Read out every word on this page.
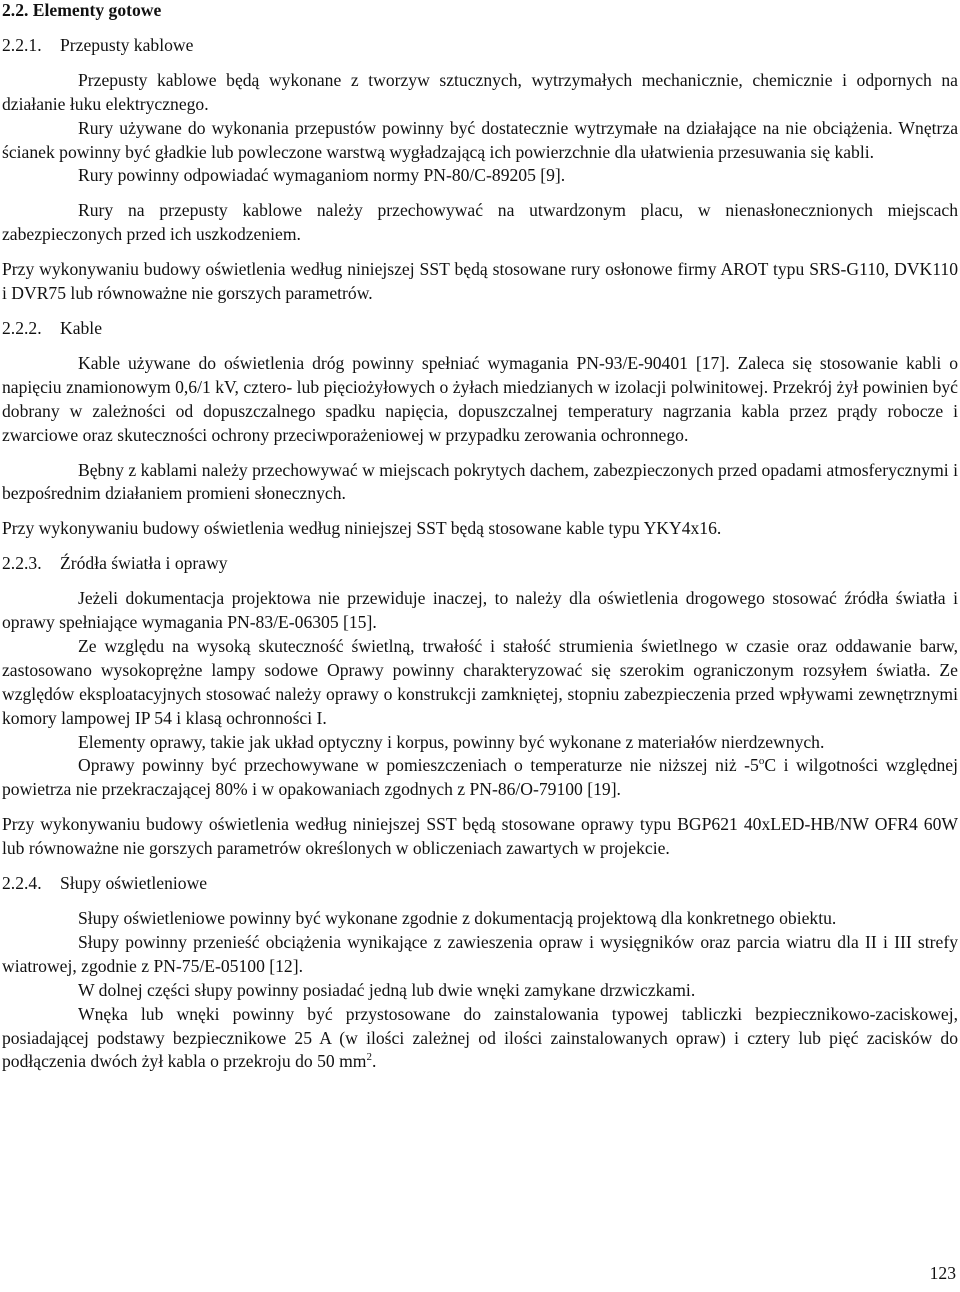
2.2. Elementy gotowe
2.2.1.	Przepusty kablowe

Przepusty kablowe będą wykonane z tworzyw sztucznych, wytrzymałych mechanicznie, chemicznie i odpornych na działanie łuku elektrycznego.

Rury używane do wykonania przepustów powinny być dostatecznie wytrzymałe na działające na nie obciążenia. Wnętrza ścianek powinny być gładkie lub powleczone warstwą wygładzającą ich powierzchnie dla ułatwienia przesuwania się kabli.

Rury powinny odpowiadać wymaganiom normy PN-80/C-89205 [9].

Rury na przepusty kablowe należy przechowywać na utwardzonym placu, w nienasłonecznionych miejscach zabezpieczonych przed ich uszkodzeniem.

Przy wykonywaniu budowy oświetlenia według niniejszej SST będą stosowane rury osłonowe firmy AROT typu SRS-G110, DVK110 i DVR75 lub równoważne nie gorszych parametrów.

2.2.2.	Kable

Kable używane do oświetlenia dróg powinny spełniać wymagania PN-93/E-90401 [17]. Zaleca się stosowanie kabli o napięciu znamionowym 0,6/1 kV, cztero- lub pięciożyłowych o żyłach miedzianych w izolacji polwinitowej. Przekrój żył powinien być dobrany w zależności od dopuszczalnego spadku napięcia, dopuszczalnej temperatury nagrzania kabla przez prądy robocze i zwarciowe oraz skuteczności ochrony przeciwporażeniowej w przypadku zerowania ochronnego.

Bębny z kablami należy przechowywać w miejscach pokrytych dachem, zabezpieczonych przed opadami atmosferycznymi i bezpośrednim działaniem promieni słonecznych.

Przy wykonywaniu budowy oświetlenia według niniejszej SST będą stosowane kable typu YKY4x16.

2.2.3.	Źródła światła i oprawy

Jeżeli dokumentacja projektowa nie przewiduje inaczej, to należy dla oświetlenia drogowego stosować źródła światła i oprawy spełniające wymagania PN-83/E-06305 [15].

Ze względu na wysoką skuteczność świetlną, trwałość i stałość strumienia świetlnego w czasie oraz oddawanie barw, zastosowano wysokoprężne lampy sodowe Oprawy powinny charakteryzować się szerokim ograniczonym rozsyłem światła. Ze względów eksploatacyjnych stosować należy oprawy o konstrukcji zamkniętej, stopniu zabezpieczenia przed wpływami zewnętrznymi komory lampowej IP 54 i klasą ochronności I.

Elementy oprawy, takie jak układ optyczny i korpus, powinny być wykonane z materiałów nierdzewnych.

Oprawy powinny być przechowywane w pomieszczeniach o temperaturze nie niższej niż -5$^o$C i wilgotności względnej powietrza nie przekraczającej 80% i w opakowaniach zgodnych z PN-86/O-79100 [19].

Przy wykonywaniu budowy oświetlenia według niniejszej SST będą stosowane oprawy typu BGP621 40xLED-HB/NW OFR4 60W lub równoważne nie gorszych parametrów określonych w obliczeniach zawartych w projekcie.

2.2.4.	Słupy oświetleniowe

Słupy oświetleniowe powinny być wykonane zgodnie z dokumentacją projektową dla konkretnego obiektu.

Słupy powinny przenieść obciążenia wynikające z zawieszenia opraw i wysięgników oraz parcia wiatru dla II i III strefy wiatrowej, zgodnie z PN-75/E-05100 [12].

W dolnej części słupy powinny posiadać jedną lub dwie wnęki zamykane drzwiczkami.

Wnęka lub wnęki powinny być przystosowane do zainstalowania typowej tabliczki bezpiecznikowo-zaciskowej, posiadającej podstawy bezpiecznikowe 25 A (w ilości zależnej od ilości zainstalowanych opraw) i cztery lub pięć zacisków do podłączenia dwóch żył kabla o przekroju do 50 $mm^2$.

123
